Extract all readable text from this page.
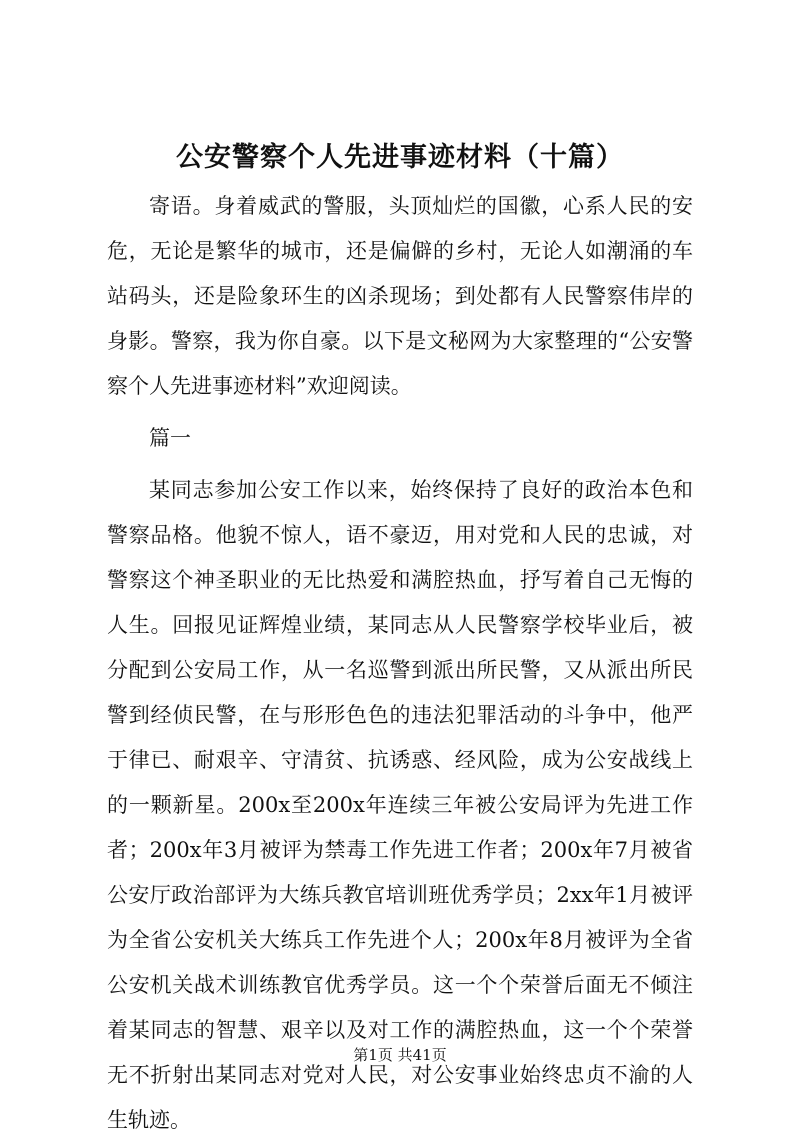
公安警察个人先进事迹材料（十篇）

寄语。身着威武的警服，头顶灿烂的国徽，心系人民的安危，无论是繁华的城市，还是偏僻的乡村，无论人如潮涌的车站码头，还是险象环生的凶杀现场；到处都有人民警察伟岸的身影。警察，我为你自豪。以下是文秘网为大家整理的“公安警察个人先进事迹材料”欢迎阅读。

篇一

某同志参加公安工作以来，始终保持了良好的政治本色和警察品格。他貌不惊人，语不豪迈，用对党和人民的忠诚，对警察这个神圣职业的无比热爱和满腔热血，抒写着自己无悔的人生。回报见证辉煌业绩，某同志从人民警察学校毕业后，被分配到公安局工作，从一名巡警到派出所民警，又从派出所民警到经侦民警，在与形形色色的违法犯罪活动的斗争中，他严于律已、耐艰辛、守清贫、抗诱惑、经风险，成为公安战线上的一颗新星。200x至200x年连续三年被公安局评为先进工作者；200x年3月被评为禁毒工作先进工作者；200x年7月被省公安厅政治部评为大练兵教官培训班优秀学员；2xx年1月被评为全省公安机关大练兵工作先进个人；200x年8月被评为全省公安机关战术训练教官优秀学员。这一个个荣誉后面无不倾注着某同志的智慧、艰辛以及对工作的满腔热血，这一个个荣誉无不折射出某同志对党对人民，对公安事业始终忠贞不渝的人生轨迹。

第1页 共41页
